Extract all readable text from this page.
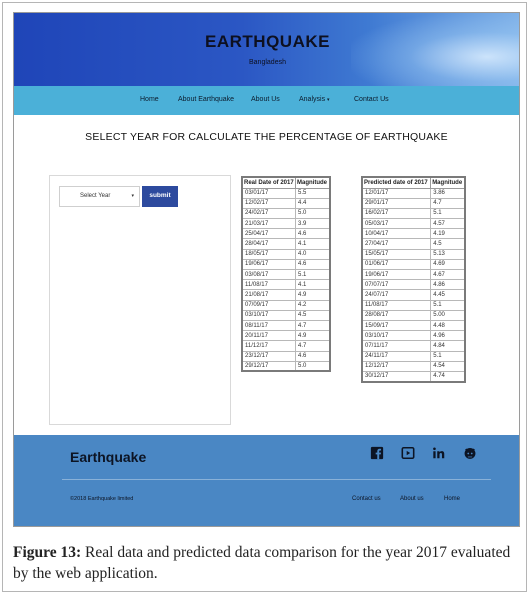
EARTHQUAKE
Bangladesh
Home	About Earthquake About Us	Analysis ▾	Contact Us
SELECT YEAR FOR CALCULATE THE PERCENTAGE OF EARTHQUAKE
Select Year	▾	submit
Real Date of 2017	Magnitude
03/01/17	5.5
12/02/17	4.4
24/02/17	5.0
21/03/17	3.9
25/04/17	4.6
28/04/17	4.1
18/05/17	4.0
19/06/17	4.6
03/08/17	5.1
11/08/17	4.1
21/08/17	4.9
07/09/17	4.2
03/10/17	4.5
08/11/17	4.7
20/11/17	4.9
11/12/17	4.7
23/12/17	4.6
29/12/17	5.0
Predicted date of 2017	Magnitude
12/01/17	3.86
29/01/17	4.7
16/02/17	5.1
05/03/17	4.57
10/04/17	4.19
27/04/17	4.5
15/05/17	5.13
01/06/17	4.69
19/06/17	4.67
07/07/17	4.86
24/07/17	4.45
11/08/17	5.1
28/08/17	5.00
15/09/17	4.48
03/10/17	4.96
07/11/17	4.84
24/11/17	5.1
12/12/17	4.54
30/12/17	4.74
Earthquake
©2018 Earthquake limited	Contact us	About us	Home
Figure 13: Real data and predicted data comparison for the year 2017 evaluated by the web application.
